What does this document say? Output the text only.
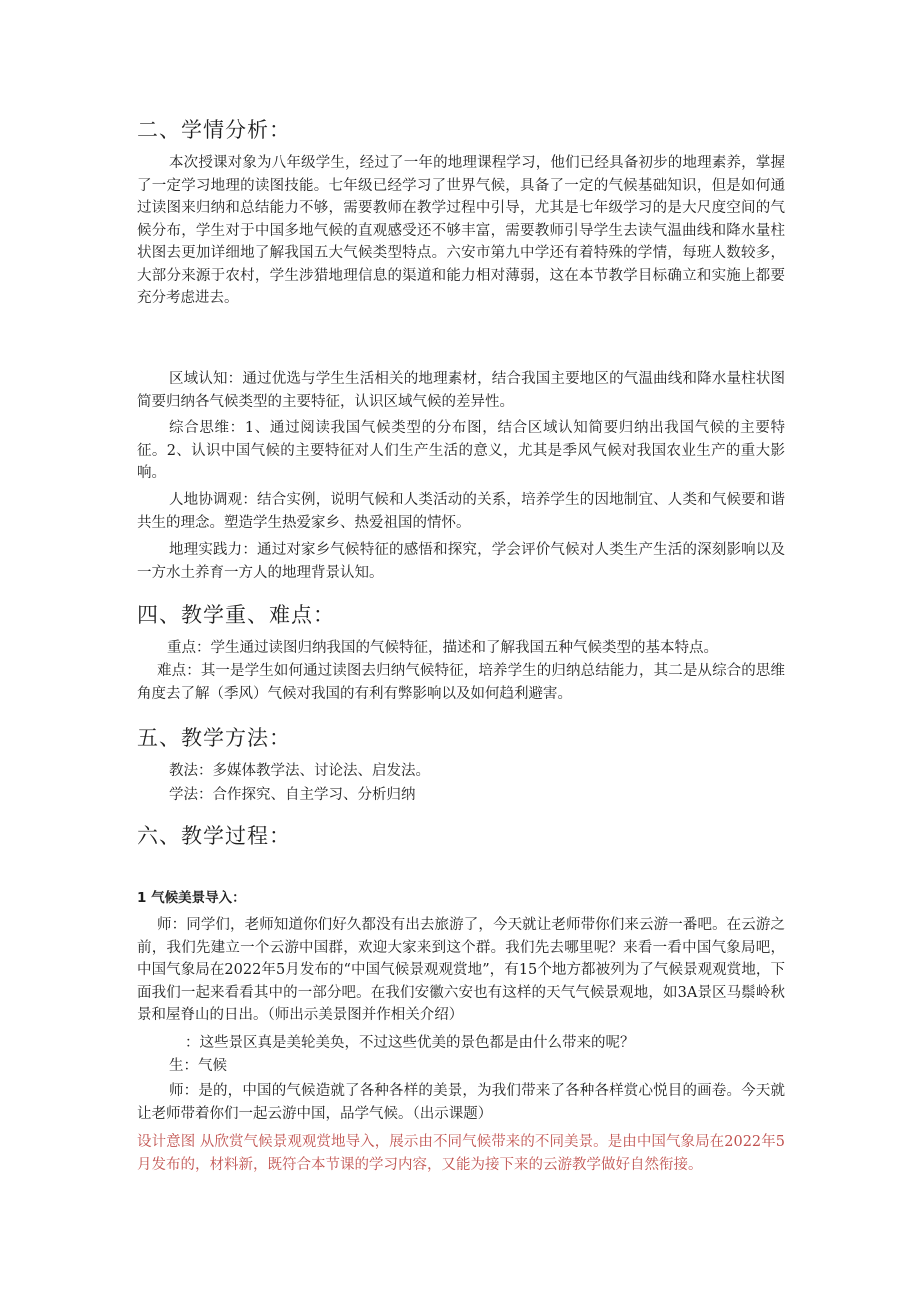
二、学情分析：
本次授课对象为八年级学生，经过了一年的地理课程学习，他们已经具备初步的地理素养，掌握了一定学习地理的读图技能。七年级已经学习了世界气候，具备了一定的气候基础知识，但是如何通过读图来归纳和总结能力不够，需要教师在教学过程中引导，尤其是七年级学习的是大尺度空间的气候分布，学生对于中国多地气候的直观感受还不够丰富，需要教师引导学生去读气温曲线和降水量柱状图去更加详细地了解我国五大气候类型特点。六安市第九中学还有着特殊的学情，每班人数较多，大部分来源于农村，学生涉猎地理信息的渠道和能力相对薄弱，这在本节教学目标确立和实施上都要充分考虑进去。
区域认知：通过优选与学生生活相关的地理素材，结合我国主要地区的气温曲线和降水量柱状图简要归纳各气候类型的主要特征，认识区域气候的差异性。
综合思维：1、通过阅读我国气候类型的分布图，结合区域认知简要归纳出我国气候的主要特征。2、认识中国气候的主要特征对人们生产生活的意义，尤其是季风气候对我国农业生产的重大影响。
人地协调观：结合实例，说明气候和人类活动的关系，培养学生的因地制宜、人类和气候要和谐共生的理念。塑造学生热爱家乡、热爱祖国的情怀。
地理实践力：通过对家乡气候特征的感悟和探究，学会评价气候对人类生产生活的深刻影响以及一方水土养育一方人的地理背景认知。
四、教学重、难点：
重点：学生通过读图归纳我国的气候特征，描述和了解我国五种气候类型的基本特点。
难点：其一是学生如何通过读图去归纳气候特征，培养学生的归纳总结能力，其二是从综合的思维角度去了解（季风）气候对我国的有利有弊影响以及如何趋利避害。
五、教学方法：
教法：多媒体教学法、讨论法、启发法。
学法：合作探究、自主学习、分析归纳
六、教学过程：
1 气候美景导入：
师：同学们，老师知道你们好久都没有出去旅游了，今天就让老师带你们来云游一番吧。在云游之前，我们先建立一个云游中国群，欢迎大家来到这个群。我们先去哪里呢？来看一看中国气象局吧，中国气象局在2022年5月发布的“中国气候景观观赏地”，有15个地方都被列为了气候景观观赏地，下面我们一起来看看其中的一部分吧。在我们安徽六安也有这样的天气气候景观地，如3A景区马鬃岭秋景和屋脊山的日出。（师出示美景图并作相关介绍）
：这些景区真是美轮美奂，不过这些优美的景色都是由什么带来的呢？
生：气候
师：是的，中国的气候造就了各种各样的美景，为我们带来了各种各样赏心悦目的画卷。今天就让老师带着你们一起云游中国，品学气候。（出示课题）
设计意图 从欣赏气候景观观赏地导入，展示由不同气候带来的不同美景。是由中国气象局在2022年5月发布的，材料新，既符合本节课的学习内容，又能为接下来的云游教学做好自然衔接。
